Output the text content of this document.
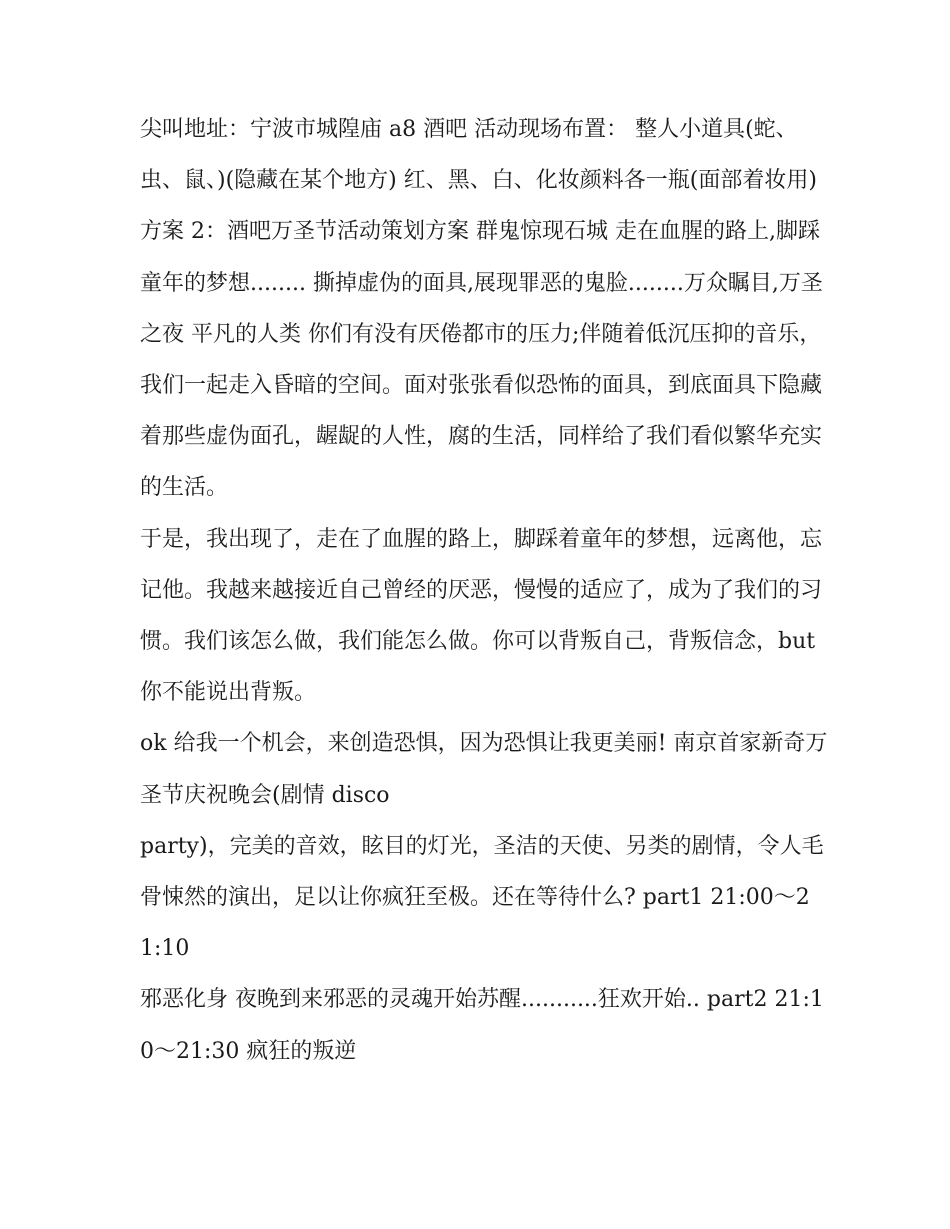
尖叫地址：宁波市城隍庙 a8 酒吧 活动现场布置： 整人小道具(蛇、虫、鼠、)(隐藏在某个地方) 红、黑、白、化妆颜料各一瓶(面部着妆用)

方案 2：酒吧万圣节活动策划方案 群鬼惊现石城 走在血腥的路上,脚踩童年的梦想........ 撕掉虚伪的面具,展现罪恶的鬼脸........万众瞩目,万圣之夜 平凡的人类 你们有没有厌倦都市的压力;伴随着低沉压抑的音乐，我们一起走入昏暗的空间。面对张张看似恐怖的面具，到底面具下隐藏着那些虚伪面孔，龌龊的人性，腐的生活，同样给了我们看似繁华充实的生活。

于是，我出现了，走在了血腥的路上，脚踩着童年的梦想，远离他，忘记他。我越来越接近自己曾经的厌恶，慢慢的适应了，成为了我们的习惯。我们该怎么做，我们能怎么做。你可以背叛自己，背叛信念，but 你不能说出背叛。

ok 给我一个机会，来创造恐惧，因为恐惧让我更美丽! 南京首家新奇万圣节庆祝晚会(剧情 disco

party)，完美的音效，眩目的灯光，圣洁的天使、另类的剧情，令人毛骨悚然的演出，足以让你疯狂至极。还在等待什么? part1 21:00～21:10

邪恶化身 夜晚到来邪恶的灵魂开始苏醒...........狂欢开始.. part2 21:10～21:30 疯狂的叛逆
